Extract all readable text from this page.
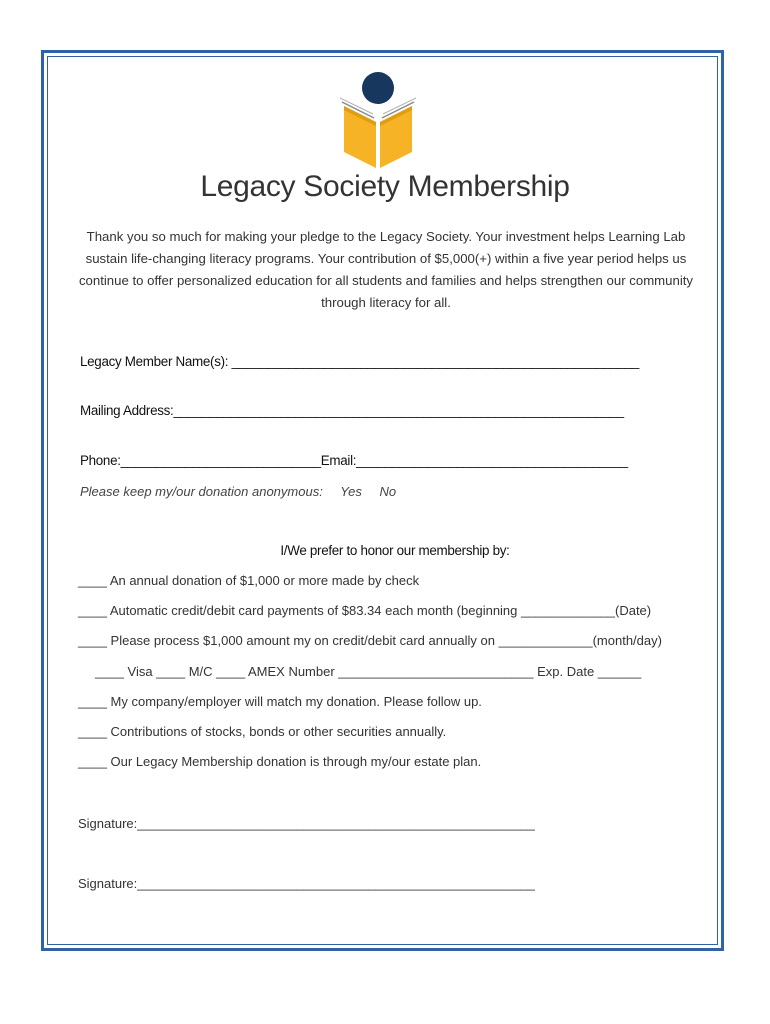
Legacy Society Membership

Thank you so much for making your pledge to the Legacy Society. Your investment helps Learning Lab sustain life-changing literacy programs. Your contribution of $5,000(+) within a five year period helps us continue to offer personalized education for all students and families and helps strengthen our community through literacy for all.

Legacy Member Name(s): _________________________________________________________
Mailing Address:_______________________________________________________________
Phone:____________________________Email:______________________________________
Please keep my/our donation anonymous: Yes No
I/We prefer to honor our membership by:
____ An annual donation of $1,000 or more made by check
____ Automatic credit/debit card payments of $83.34 each month (beginning _____________(Date)
____ Please process $1,000 amount my on credit/debit card annually on _____________(month/day)
____ Visa ____ M/C ____ AMEX Number ___________________________ Exp. Date ______
____ My company/employer will match my donation. Please follow up.
____ Contributions of stocks, bonds or other securities annually.
____ Our Legacy Membership donation is through my/our estate plan.
Signature:_______________________________________________________
Signature:_______________________________________________________
